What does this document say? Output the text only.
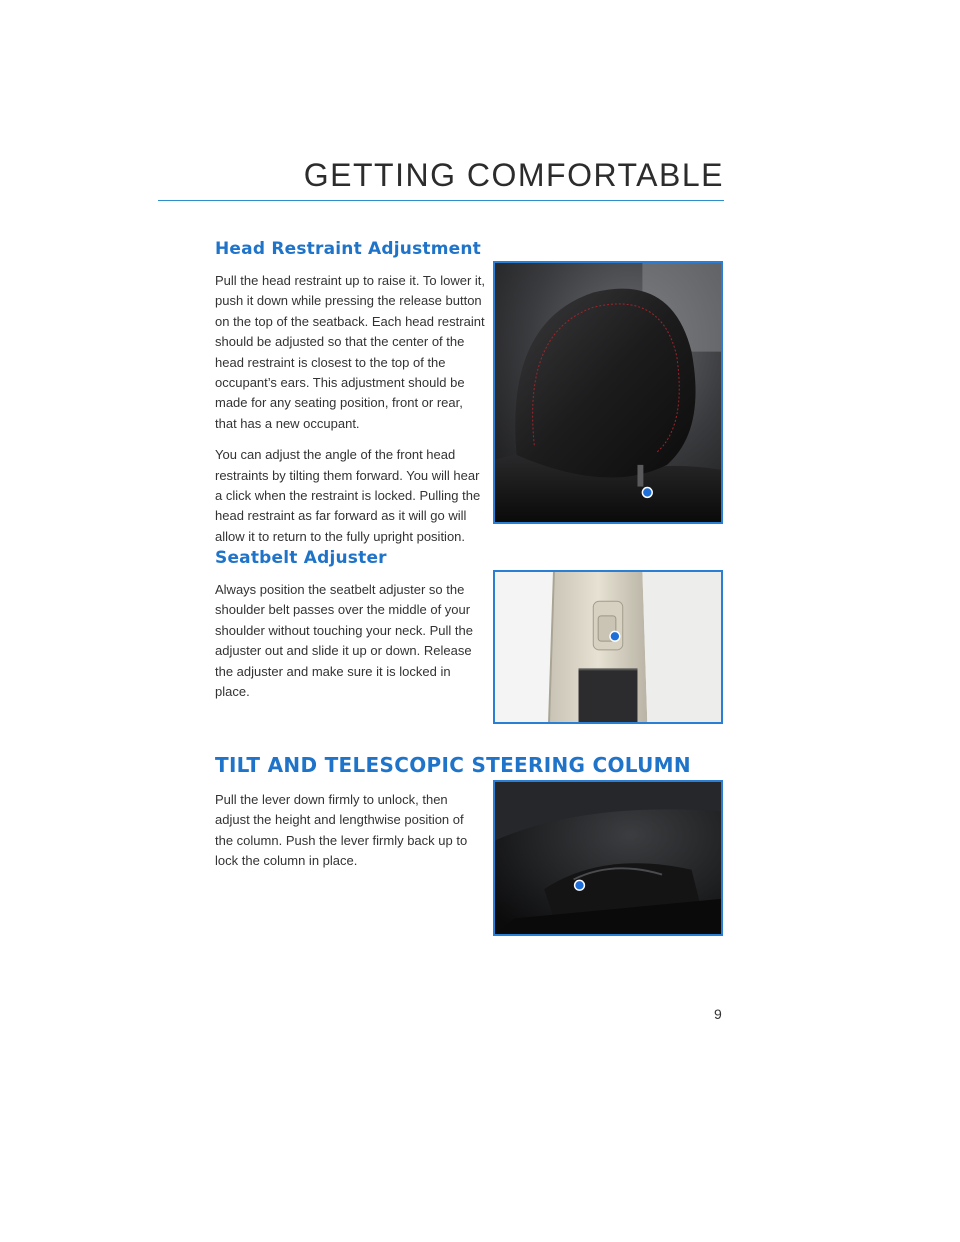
GETTING COMFORTABLE
Head Restraint Adjustment

Pull the head restraint up to raise it. To lower it, push it down while pressing the release button on the top of the seatback. Each head restraint should be adjusted so that the center of the head restraint is closest to the top of the occupant’s ears. This adjustment should be made for any seating position, front or rear, that has a new occupant.

You can adjust the angle of the front head restraints by tilting them forward. You will hear a click when the restraint is locked. Pulling the head restraint as far forward as it will go will allow it to return to the fully upright position.

Seatbelt Adjuster

Always position the seatbelt adjuster so the shoulder belt passes over the middle of your shoulder without touching your neck. Pull the adjuster out and slide it up or down. Release the adjuster and make sure it is locked in place.

TILT AND TELESCOPIC STEERING COLUMN

Pull the lever down firmly to unlock, then adjust the height and lengthwise position of the column. Push the lever firmly back up to lock the column in place.

9
